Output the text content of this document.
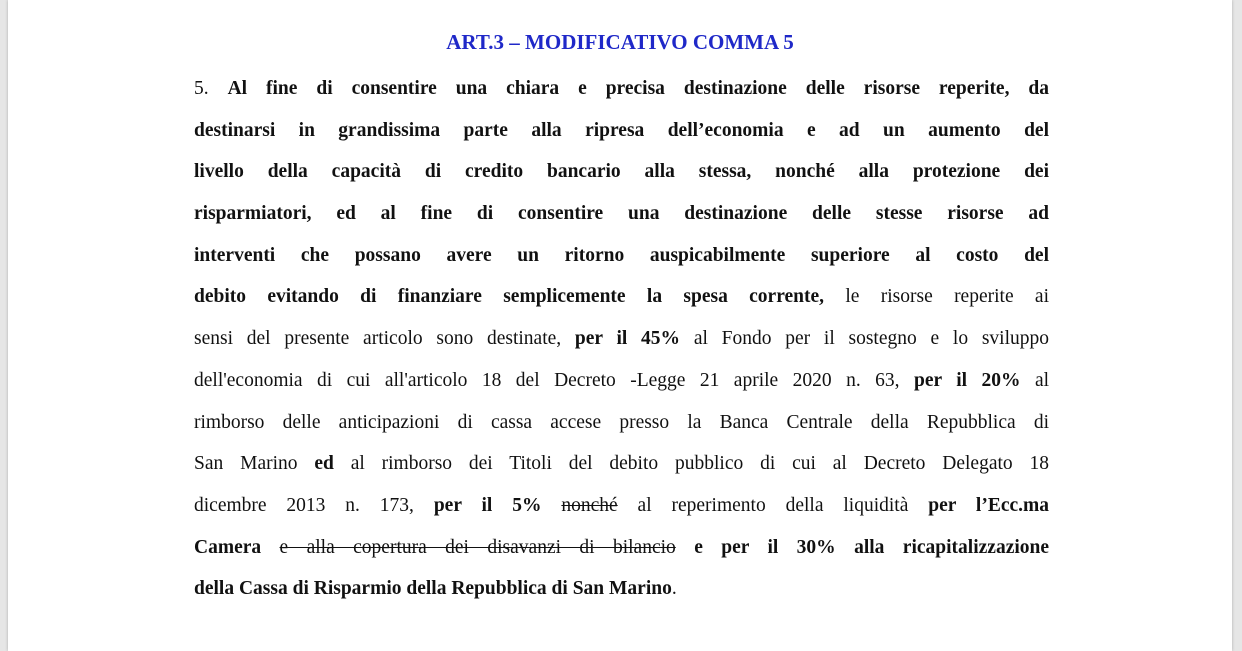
ART.3 – MODIFICATIVO COMMA 5
5. Al fine di consentire una chiara e precisa destinazione delle risorse reperite, da
destinarsi in grandissima parte alla ripresa dell’economia e ad un aumento del
livello della capacità di credito bancario alla stessa, nonché alla protezione dei
risparmiatori, ed al fine di consentire una destinazione delle stesse risorse ad
interventi che possano avere un ritorno auspicabilmente superiore al costo del
debito evitando di finanziare semplicemente la spesa corrente, le risorse reperite ai
sensi del presente articolo sono destinate, per il 45% al Fondo per il sostegno e lo sviluppo
dell'economia di cui all'articolo 18 del Decreto -Legge 21 aprile 2020 n. 63, per il 20% al
rimborso delle anticipazioni di cassa accese presso la Banca Centrale della Repubblica di
San Marino ed al rimborso dei Titoli del debito pubblico di cui al Decreto Delegato 18
dicembre 2013 n. 173, per il 5% nonché al reperimento della liquidità per l’Ecc.ma
Camera e alla copertura dei disavanzi di bilancio e per il 30% alla ricapitalizzazione
della Cassa di Risparmio della Repubblica di San Marino.
